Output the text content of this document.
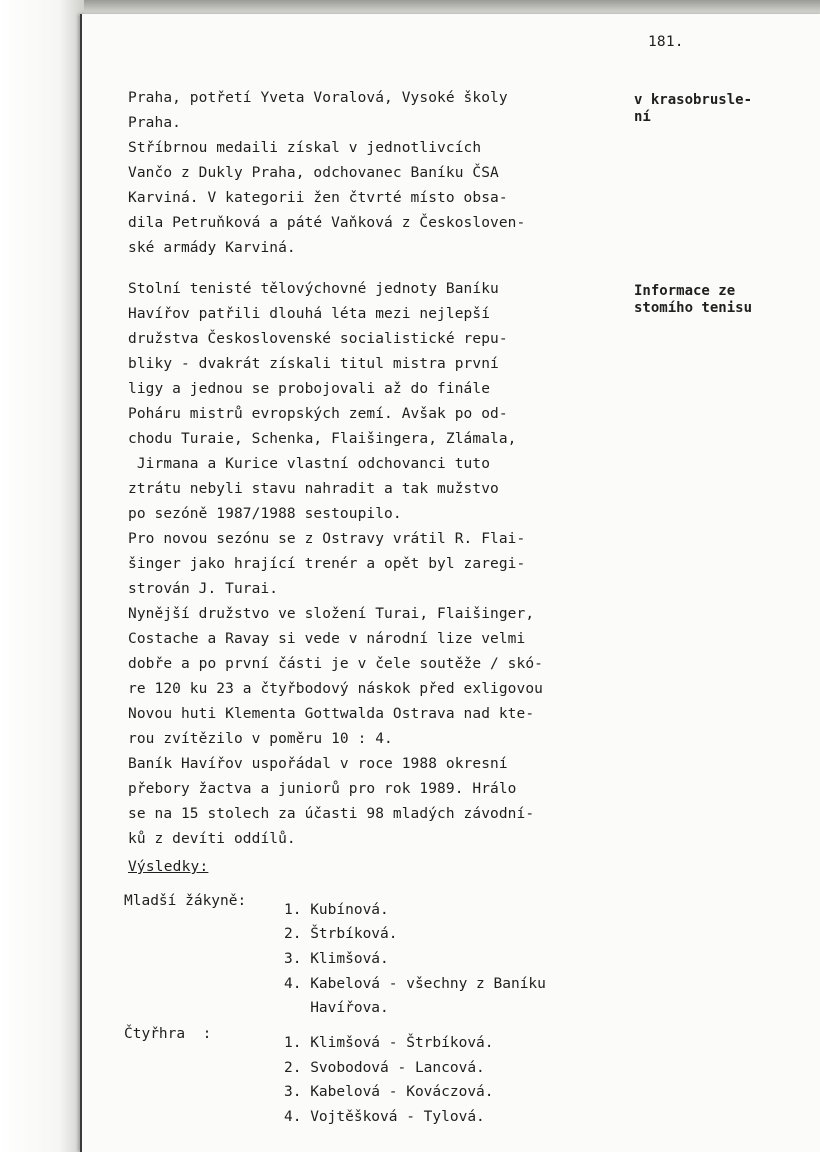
181.
Praha, potřetí Yveta Voralová, Vysoké školy
Praha.
Stříbrnou medaili získal v jednotlivcích
Vančo z Dukly Praha, odchovanec Baníku ČSA
Karviná. V kategorii žen čtvrté místo obsa-
dila Petruňková a páté Vaňková z Českosloven-
ské armády Karviná.
v krasobrusle-
ní
Stolní tenisté tělovýchovné jednoty Baníku
Havířov patřili dlouhá léta mezi nejlepší
družstva Československé socialistické repu-
bliky - dvakrát získali titul mistra první
ligy a jednou se probojovali až do finále
Poháru mistrů evropských zemí. Avšak po od-
chodu Turaie, Schenka, Flaišingera, Zlámala,
Jirmana a Kurice vlastní odchovanci tuto
ztrátu nebyli stavu nahradit a tak mužstvo
po sezóně 1987/1988 sestoupilo.
Pro novou sezónu se z Ostravy vrátil R. Flai-
šinger jako hrající trenér a opět byl zaregi-
strován J. Turai.
Nynější družstvo ve složení Turai, Flaišinger,
Costache a Ravay si vede v národní lize velmi
dobře a po první části je v čele soutěže / skó-
re 120 ku 23 a čtyřbodový náskok před exligovou
Novou huti Klementa Gottwalda Ostrava nad kte-
rou zvítězilo v poměru 10 : 4.
Baník Havířov uspořádal v roce 1988 okresní
přebory žactva a juniorů pro rok 1989. Hrálo
se na 15 stolech za účasti 98 mladých závodní-
ků z devíti oddílů.
Informace ze
stomího tenisu
Výsledky:
Mladší žákyně:
1. Kubínová.
2. Štrbíková.
3. Klimšová.
4. Kabelová - všechny z Baníku
Havířova.
Čtyřhra  :
1. Klimšová - Štrbíková.
2. Svobodová - Lancová.
3. Kabelová - Kováczová.
4. Vojtěšková - Tylová.
